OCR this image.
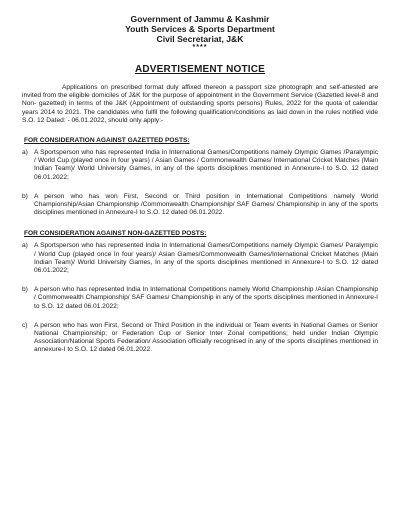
Government of Jammu & Kashmir
Youth Services & Sports Department
Civil Secretariat, J&K
****
ADVERTISEMENT NOTICE

Applications on prescribed format duly affixed thereon a passport size photograph and self-attested are invited from the eligible domiciles of J&K for the purpose of appointment in the Government Service (Gazetted level-8 and Non- gazetted) in terms of the J&K (Appointment of outstanding sports persons) Rules, 2022 for the quota of calendar years 2014 to 2021. The candidates who fulfil the following qualification/conditions as laid down in the rules notified vide S.O. 12 Dated: - 06.01.2022, should only apply:-

FOR CONSIDERATION AGAINST GAZETTED POSTS:
a) A Sportsperson who has represented India in International Games/Competitions namely Olympic Games /Paralympic / World Cup (played once in four years) / Asian Games / Commonwealth Games/ International Cricket Matches (Main Indian Team)/ World University Games, in any of the sports disciplines mentioned in Annexure-I to S.O. 12 dated 06.01.2022;
b) A person who has won First, Second or Third position in International Competitions namely World Championship/Asian Championship /Commonwealth Championship/ SAF Games/ Championship in any of the sports disciplines mentioned in Annexure-I to S.O. 12 dated 06.01.2022.
FOR CONSIDERATION AGAINST NON-GAZETTED POSTS:
a) A Sportsperson who has represented India In International Games/Competitions namely Olympic Games/ Paralympic / World Cup (played once In four years)/ Asian Games/Commonwealth Games/International Cricket Matches (Main Indian Team)/ World University Games, In any of the sports disciplines mentioned in Annexure-I to S.O. 12 dated 06.01.2022;
b) A person who has represented India In International Competitions namely World Championship /Asian Championship / Commonwealth Championship/ SAF Games/ Championship in any of the sports disciplines mentioned in Annexure-I to S.O. 12 dated 06.01.2022;
c) A person who has won First, Second or Third Position in the individual or Team events in National Games or Senior National Championship; or Federation Cup or Senior Inter Zonal competitions; held under Indian Olympic Association/National Sports Federation/ Association officially recognised in any of the sports disciplines mentioned in annexure-I to S.O. 12 dated 06.01.2022.
